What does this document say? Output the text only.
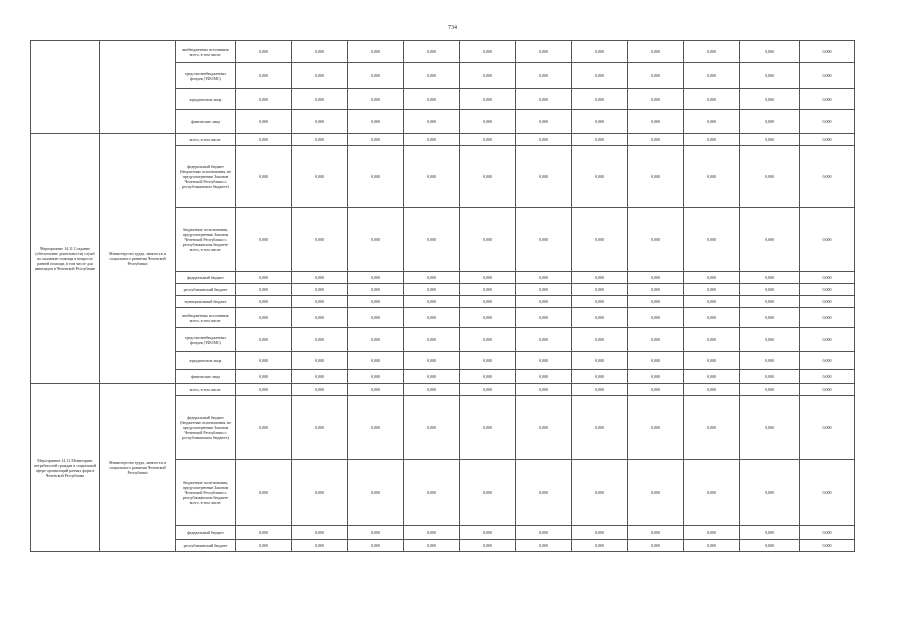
734
		внебюджетных источников всего, в том числе:	0,000	0,000	0,000	0,000	0,000	0,000	0,000	0,000	0,000	0,000	0,000
		средства внебюджетных фондов (ТФОМС)	0,000	0,000	0,000	0,000	0,000	0,000	0,000	0,000	0,000	0,000	0,000
		юридические лица	0,000	0,000	0,000	0,000	0,000	0,000	0,000	0,000	0,000	0,000	0,000
		физические лица	0,000	0,000	0,000	0,000	0,000	0,000	0,000	0,000	0,000	0,000	0,000
Мероприятие 14.11 Создание (обеспечение деятельности) служб по оказанию помощи в вопросах ранней помощи, в том числе для инвалидов в Чеченской Республике	Министерство труда, занятости и социального развития Чеченской Республики	всего, в том числе:	0,000	0,000	0,000	0,000	0,000	0,000	0,000	0,000	0,000	0,000	0,000
		федеральный бюджет (бюджетные ассигнования, не предусмотренные Законом Чеченской Республики о республиканском бюджете)	0,000	0,000	0,000	0,000	0,000	0,000	0,000	0,000	0,000	0,000	0,000
		бюджетные ассигнования, предусмотренные Законом Чеченской Республики о республиканском бюджете всего, в том числе:	0,000	0,000	0,000	0,000	0,000	0,000	0,000	0,000	0,000	0,000	0,000
		федеральный бюджет	0,000	0,000	0,000	0,000	0,000	0,000	0,000	0,000	0,000	0,000	0,000
		республиканский бюджет	0,000	0,000	0,000	0,000	0,000	0,000	0,000	0,000	0,000	0,000	0,000
		муниципальный бюджет	0,000	0,000	0,000	0,000	0,000	0,000	0,000	0,000	0,000	0,000	0,000
		внебюджетных источников всего, в том числе:	0,000	0,000	0,000	0,000	0,000	0,000	0,000	0,000	0,000	0,000	0,000
		средства внебюджетных фондов (ТФОМС)	0,000	0,000	0,000	0,000	0,000	0,000	0,000	0,000	0,000	0,000	0,000
		юридические лица	0,000	0,000	0,000	0,000	0,000	0,000	0,000	0,000	0,000	0,000	0,000
		физические лица	0,000	0,000	0,000	0,000	0,000	0,000	0,000	0,000	0,000	0,000	0,000
Мероприятие 14.12 Мониторинг потребностей граждан в социальной сфере организаций разных форм в Чеченской Республике	Министерство труда, занятости и социального развития Чеченской Республики	всего, в том числе:	0,000	0,000	0,000	0,000	0,000	0,000	0,000	0,000	0,000	0,000	0,000
		федеральный бюджет (бюджетные ассигнования, не предусмотренные Законом Чеченской Республики о республиканском бюджете)	0,000	0,000	0,000	0,000	0,000	0,000	0,000	0,000	0,000	0,000	0,000
		бюджетные ассигнования, предусмотренные Законом Чеченской Республики о республиканском бюджете всего, в том числе:	0,000	0,000	0,000	0,000	0,000	0,000	0,000	0,000	0,000	0,000	0,000
		федеральный бюджет	0,000	0,000	0,000	0,000	0,000	0,000	0,000	0,000	0,000	0,000	0,000
		республиканский бюджет	0,000	0,000	0,000	0,000	0,000	0,000	0,000	0,000	0,000	0,000	0,000
